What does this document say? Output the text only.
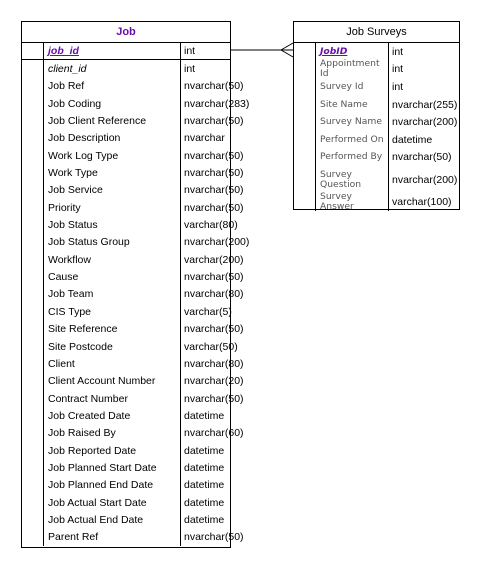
Job
job_id	int
client_id	int
Job Ref	nvarchar(50)
Job Coding	nvarchar(283)
Job Client Reference	nvarchar(50)
Job Description	nvarchar
Work Log Type	nvarchar(50)
Work Type	nvarchar(50)
Job Service	nvarchar(50)
Priority	nvarchar(50)
Job Status	varchar(80)
Job Status Group	nvarchar(200)
Workflow	varchar(200)
Cause	nvarchar(50)
Job Team	nvarchar(80)
CIS Type	varchar(5)
Site Reference	nvarchar(50)
Site Postcode	varchar(50)
Client	nvarchar(80)
Client Account Number	nvarchar(20)
Contract Number	nvarchar(50)
Job Created Date	datetime
Job Raised By	nvarchar(60)
Job Reported Date	datetime
Job Planned Start Date	datetime
Job Planned End Date	datetime
Job Actual Start Date	datetime
Job Actual End Date	datetime
Parent Ref	nvarchar(50)
Job Surveys
JobID	int
Appointment Id	int
Survey Id	int
Site Name	nvarchar(255)
Survey Name nvarchar(200)
Performed On datetime
Performed By nvarchar(50)
Survey Question	nvarchar(200)
Survey Answer	varchar(100)
